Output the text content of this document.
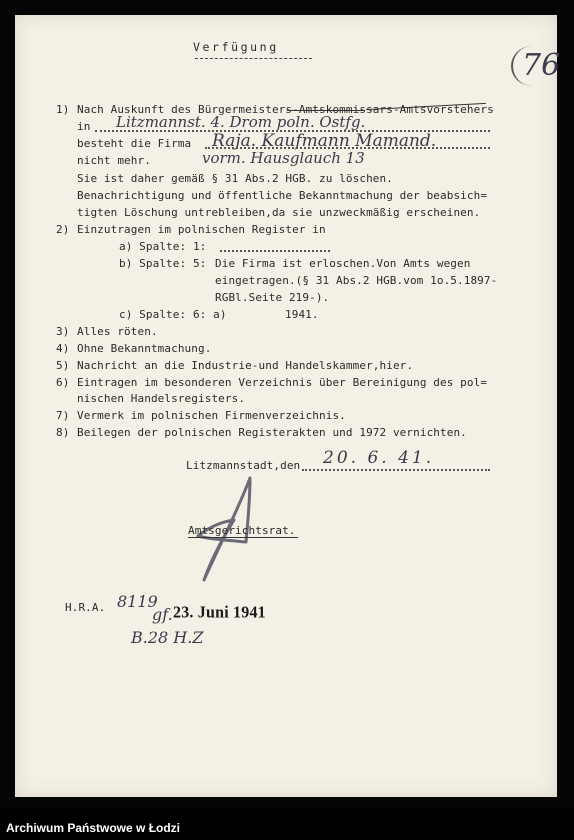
76
Verfügung
1) Nach Auskunft des Bürgermeisters-Amtskommissars-Amtsvorstehers
in Litzmannst. 4. Drom poln. Ostfg.
besteht die Firma Raja. Kaufmann Mamand.
nicht mehr.	vorm. Hausglauch 13
Sie ist daher gemäß § 31 Abs.2 HGB. zu löschen.
Benachrichtigung und öffentliche Bekanntmachung der beabsich=
tigten Löschung untrebleiben,da sie unzweckmäßig erscheinen.
2) Einzutragen im polnischen Register in
a) Spalte: 1:
b) Spalte: 5: Die Firma ist erloschen.Von Amts wegen
eingetragen.(§ 31 Abs.2 HGB.vom 1o.5.1897-
RGBl.Seite 219-).
c) Spalte: 6: a)	1941.
3) Alles röten.
4) Ohne Bekanntmachung.
5) Nachricht an die Industrie-und Handelskammer,hier.
6) Eintragen im besonderen Verzeichnis über Bereinigung des pol=
nischen Handelsregisters.
7) Vermerk im polnischen Firmenverzeichnis.
8) Beilegen der polnischen Registerakten und 1972 vernichten.
Litzmannstadt,den 20. 6. 41.
Amtsgerichtsrat.
H.R.A. 8119
gf. 23. Juni 1941
B.28 H.Z
Archiwum Państwowe w Łodzi
